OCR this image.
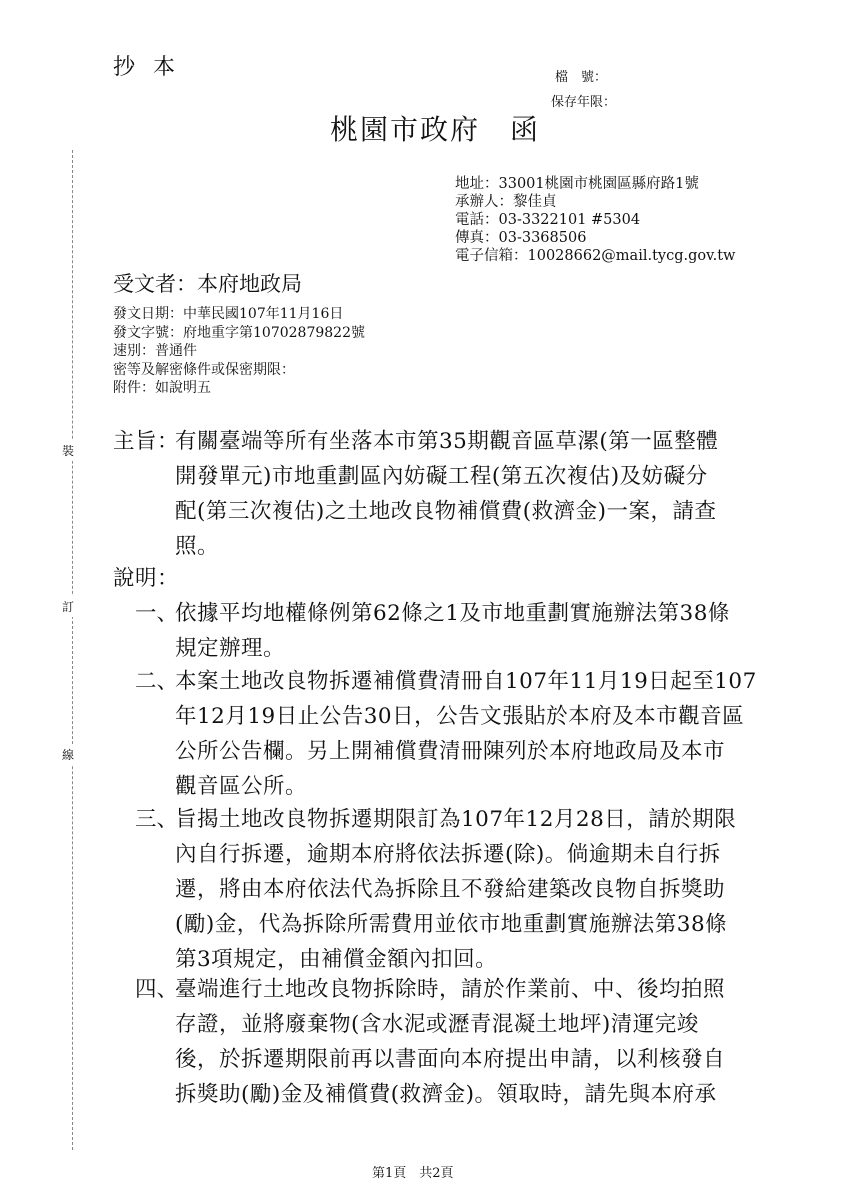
裝
訂
線
抄本	檔　號：
保存年限：
桃園市政府　函
地址：33001桃園市桃園區縣府路1號
承辦人：黎佳貞
電話：03-3322101 #5304
傳真：03-3368506
電子信箱：10028662@mail.tycg.gov.tw
受文者：本府地政局
發文日期：中華民國107年11月16日
發文字號：府地重字第10702879822號
速別：普通件
密等及解密條件或保密期限：
附件：如說明五
主旨：
有關臺端等所有坐落本市第35期觀音區草漯(第一區整體
開發單元)市地重劃區內妨礙工程(第五次複估)及妨礙分
配(第三次複估)之土地改良物補償費(救濟金)一案，請查
照。
說明：
一、
依據平均地權條例第62條之1及市地重劃實施辦法第38條
規定辦理。
二、
本案土地改良物拆遷補償費清冊自107年11月19日起至107
年12月19日止公告30日，公告文張貼於本府及本市觀音區
公所公告欄。另上開補償費清冊陳列於本府地政局及本市
觀音區公所。
三、
旨揭土地改良物拆遷期限訂為107年12月28日，請於期限
內自行拆遷，逾期本府將依法拆遷(除)。倘逾期未自行拆
遷，將由本府依法代為拆除且不發給建築改良物自拆獎助
(勵)金，代為拆除所需費用並依市地重劃實施辦法第38條
第3項規定，由補償金額內扣回。
四、
臺端進行土地改良物拆除時，請於作業前、中、後均拍照
存證，並將廢棄物(含水泥或瀝青混凝土地坪)清運完竣
後，於拆遷期限前再以書面向本府提出申請，以利核發自
拆獎助(勵)金及補償費(救濟金)。領取時，請先與本府承
第1頁　共2頁
